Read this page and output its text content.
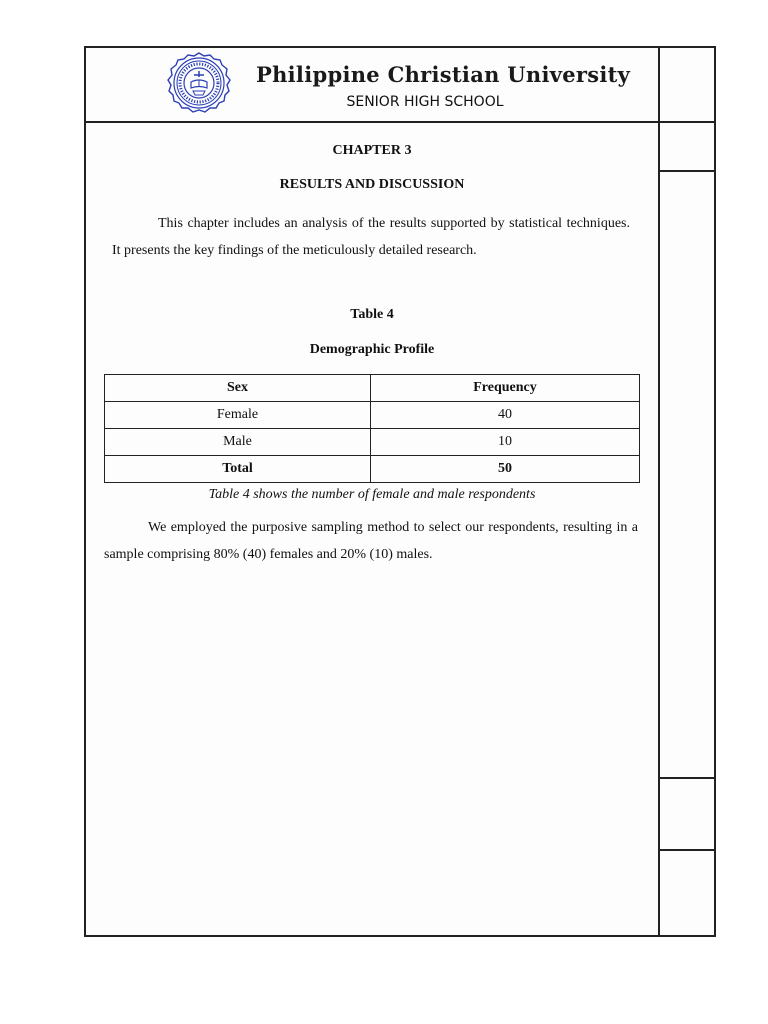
Philippine Christian University
SENIOR HIGH SCHOOL
CHAPTER 3
RESULTS AND DISCUSSION

This chapter includes an analysis of the results supported by statistical techniques. It presents the key findings of the meticulously detailed research.

Table 4
Demographic Profile
Sex	Frequency
Female	40
Male	10
Total	50
Table 4 shows the number of female and male respondents

We employed the purposive sampling method to select our respondents, resulting in a sample comprising 80% (40) females and 20% (10) males.
